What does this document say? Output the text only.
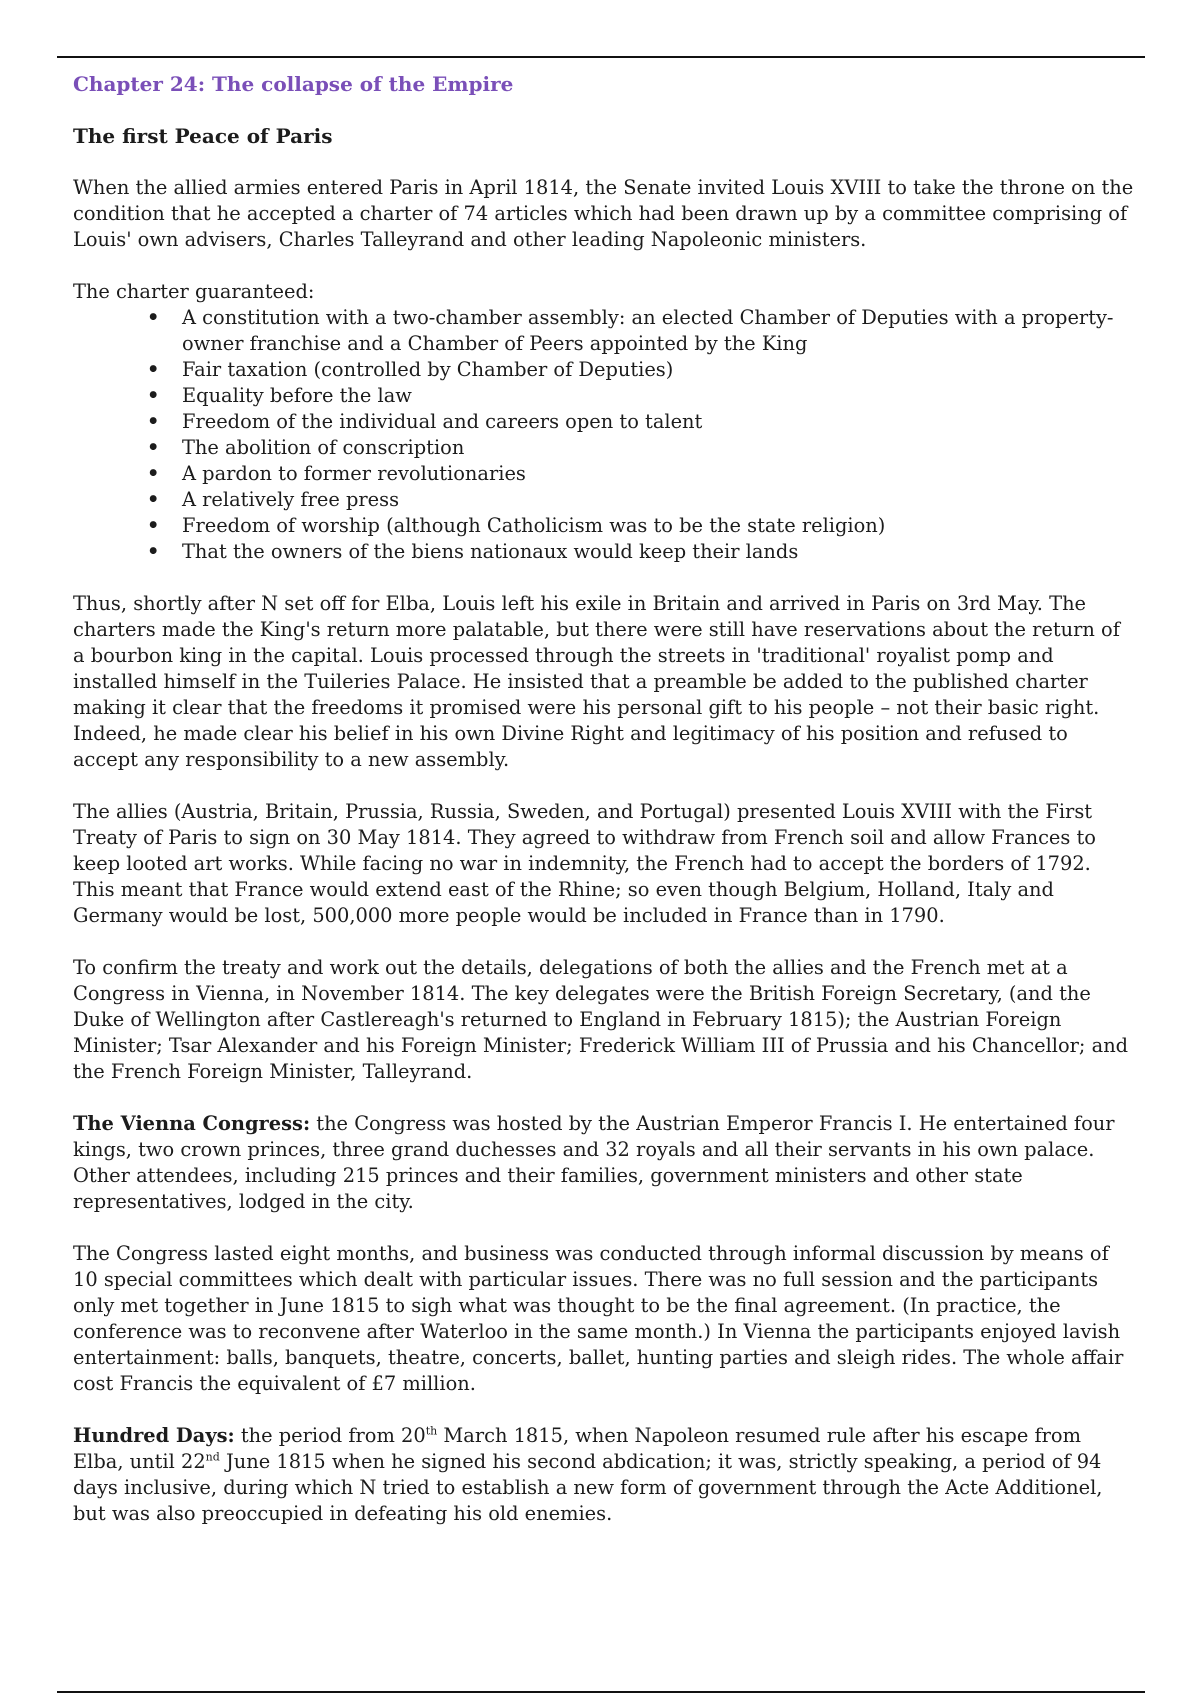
Chapter 24: The collapse of the Empire
The first Peace of Paris

When the allied armies entered Paris in April 1814, the Senate invited Louis XVIII to take the throne on the condition that he accepted a charter of 74 articles which had been drawn up by a committee comprising of Louis' own advisers, Charles Talleyrand and other leading Napoleonic ministers.

The charter guaranteed:

• A constitution with a two-chamber assembly: an elected Chamber of Deputies with a property-owner franchise and a Chamber of Peers appointed by the King
• Fair taxation (controlled by Chamber of Deputies)
• Equality before the law
• Freedom of the individual and careers open to talent
• The abolition of conscription
• A pardon to former revolutionaries
• A relatively free press
• Freedom of worship (although Catholicism was to be the state religion)
• That the owners of the biens nationaux would keep their lands

Thus, shortly after N set off for Elba, Louis left his exile in Britain and arrived in Paris on 3rd May. The charters made the King's return more palatable, but there were still have reservations about the return of a bourbon king in the capital. Louis processed through the streets in 'traditional' royalist pomp and installed himself in the Tuileries Palace. He insisted that a preamble be added to the published charter making it clear that the freedoms it promised were his personal gift to his people – not their basic right. Indeed, he made clear his belief in his own Divine Right and legitimacy of his position and refused to accept any responsibility to a new assembly.

The allies (Austria, Britain, Prussia, Russia, Sweden, and Portugal) presented Louis XVIII with the First Treaty of Paris to sign on 30 May 1814. They agreed to withdraw from French soil and allow Frances to keep looted art works. While facing no war in indemnity, the French had to accept the borders of 1792. This meant that France would extend east of the Rhine; so even though Belgium, Holland, Italy and Germany would be lost, 500,000 more people would be included in France than in 1790.

To confirm the treaty and work out the details, delegations of both the allies and the French met at a Congress in Vienna, in November 1814. The key delegates were the British Foreign Secretary, (and the Duke of Wellington after Castlereagh's returned to England in February 1815); the Austrian Foreign Minister; Tsar Alexander and his Foreign Minister; Frederick William III of Prussia and his Chancellor; and the French Foreign Minister, Talleyrand.

The Vienna Congress: the Congress was hosted by the Austrian Emperor Francis I. He entertained four kings, two crown princes, three grand duchesses and 32 royals and all their servants in his own palace. Other attendees, including 215 princes and their families, government ministers and other state representatives, lodged in the city.

The Congress lasted eight months, and business was conducted through informal discussion by means of 10 special committees which dealt with particular issues. There was no full session and the participants only met together in June 1815 to sigh what was thought to be the final agreement. (In practice, the conference was to reconvene after Waterloo in the same month.) In Vienna the participants enjoyed lavish entertainment: balls, banquets, theatre, concerts, ballet, hunting parties and sleigh rides. The whole affair cost Francis the equivalent of £7 million.

Hundred Days: the period from 20th March 1815, when Napoleon resumed rule after his escape from Elba, until 22nd June 1815 when he signed his second abdication; it was, strictly speaking, a period of 94 days inclusive, during which N tried to establish a new form of government through the Acte Additionel, but was also preoccupied in defeating his old enemies.
